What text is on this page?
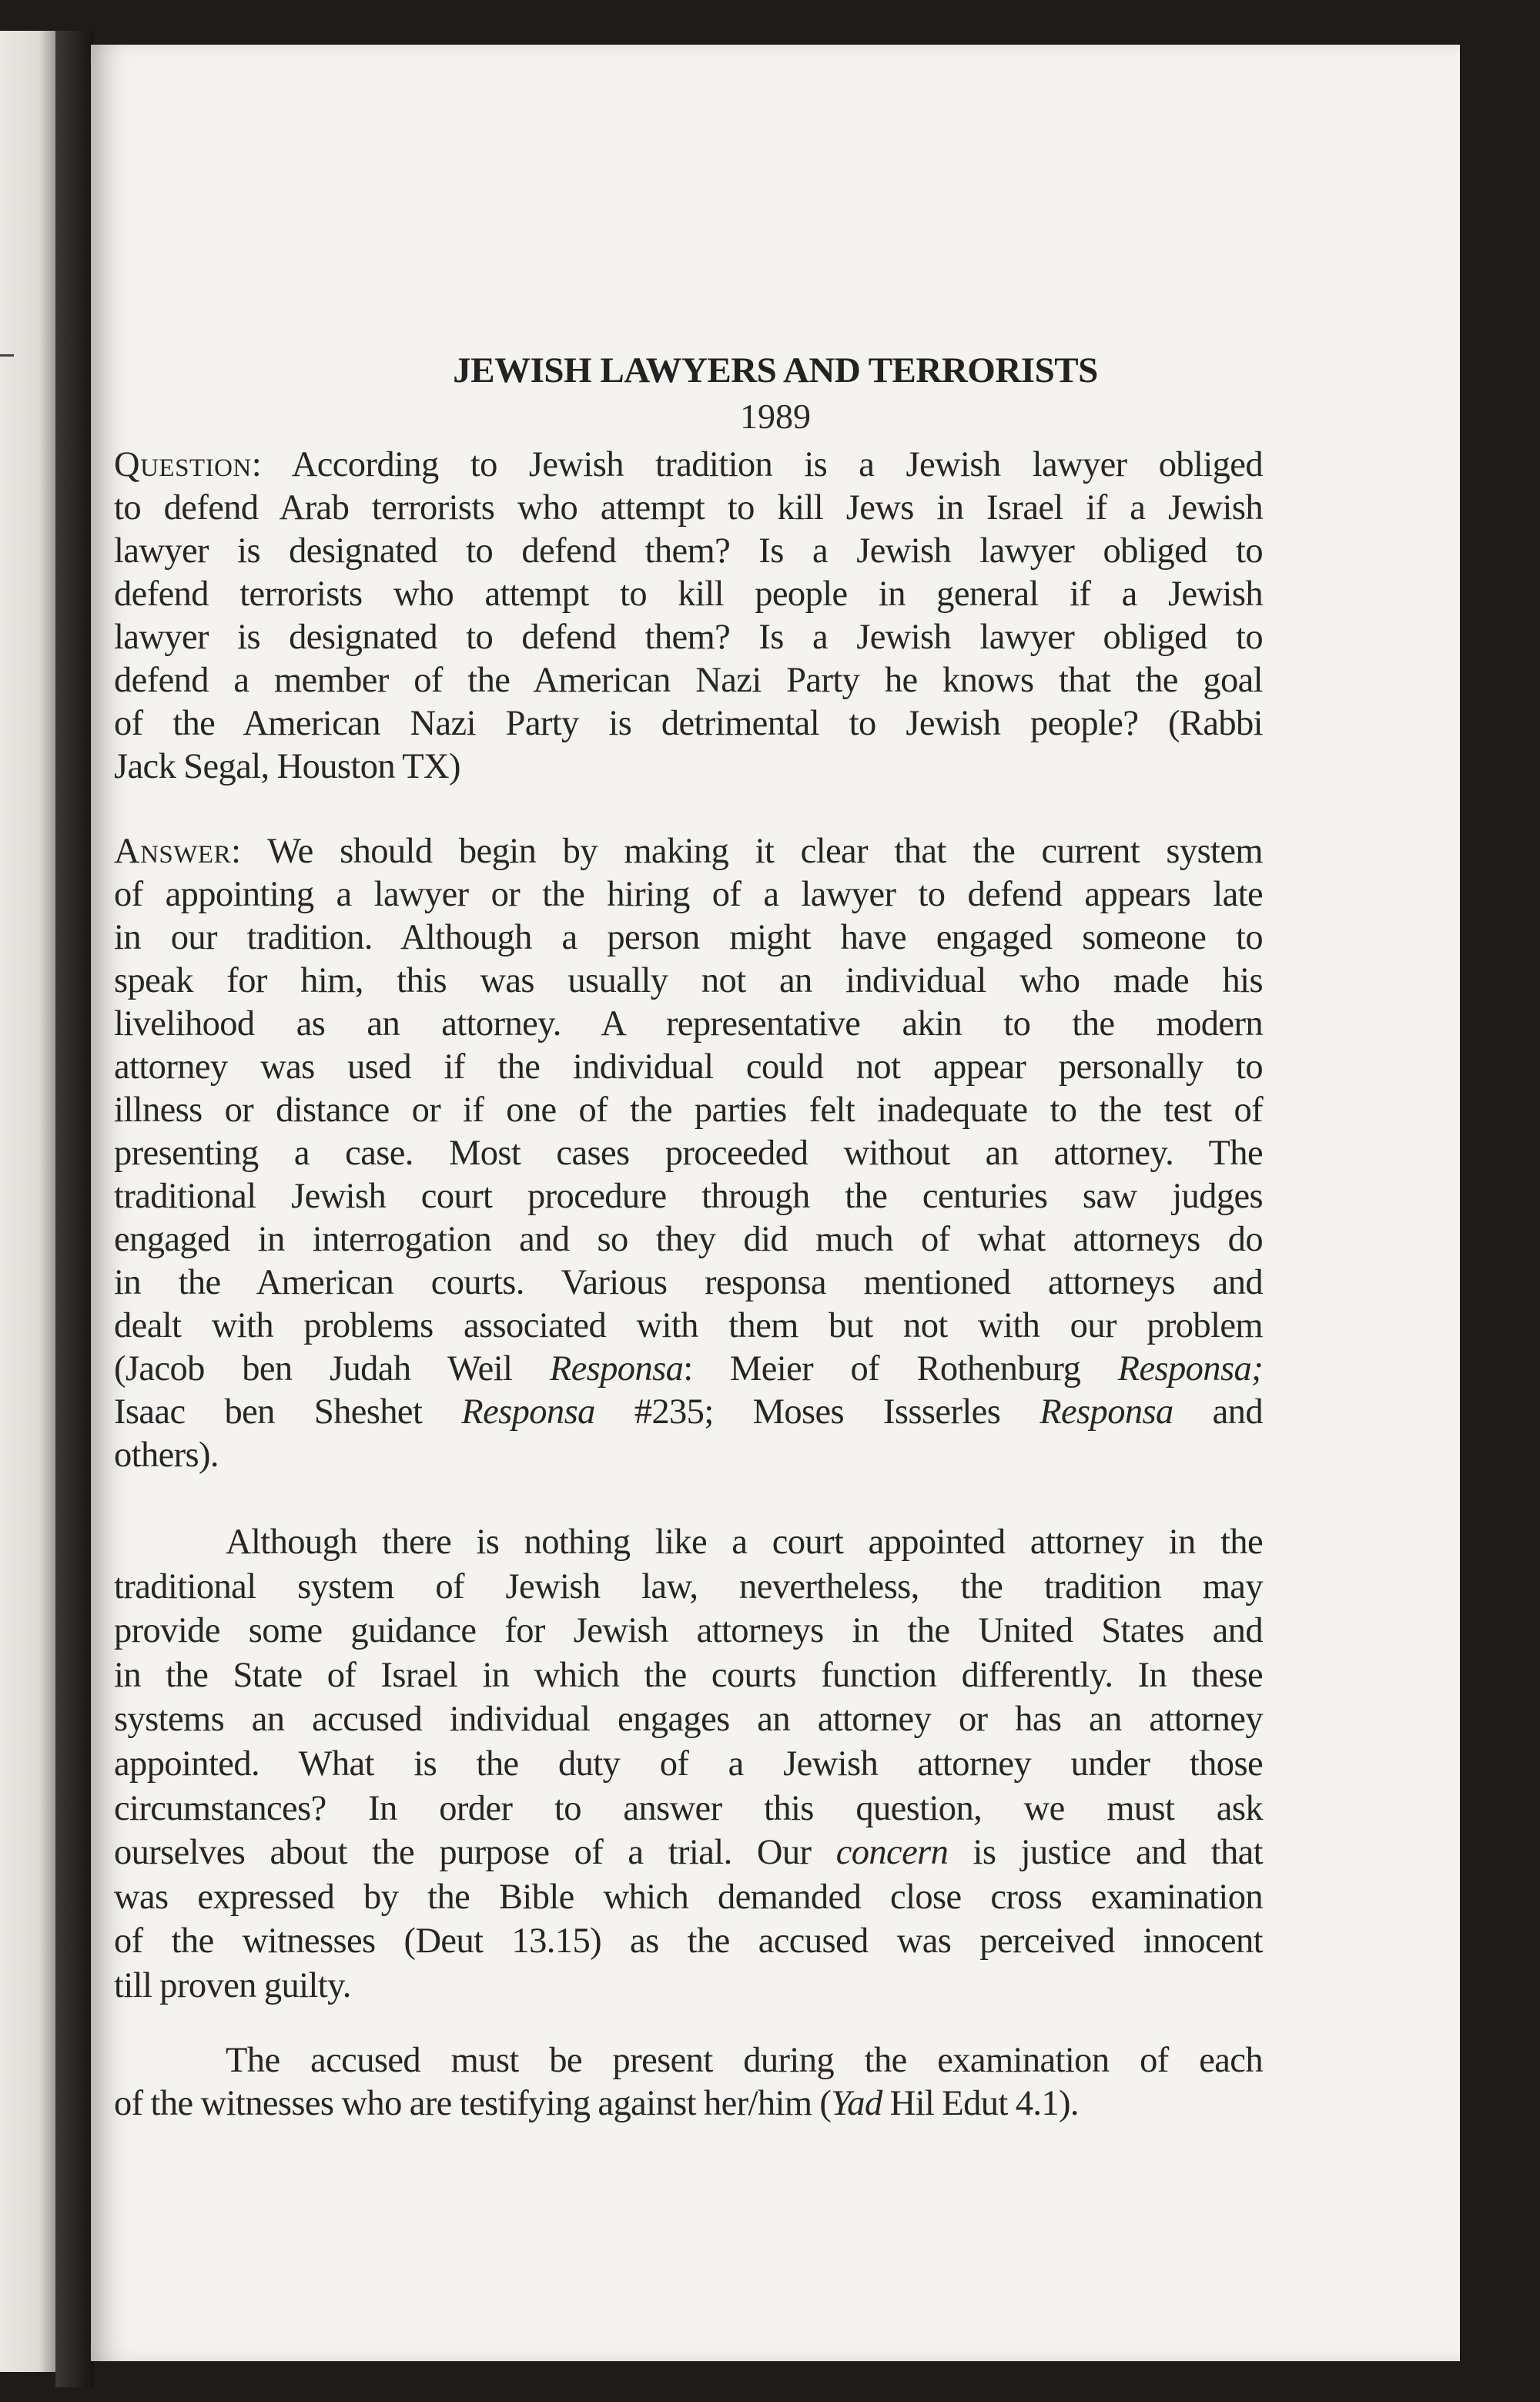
JEWISH LAWYERS AND TERRORISTS
1989
Question: According to Jewish tradition is a Jewish lawyer obliged
to defend Arab terrorists who attempt to kill Jews in Israel if a Jewish
lawyer is designated to defend them? Is a Jewish lawyer obliged to
defend terrorists who attempt to kill people in general if a Jewish
lawyer is designated to defend them? Is a Jewish lawyer obliged to
defend a member of the American Nazi Party he knows that the goal
of the American Nazi Party is detrimental to Jewish people? (Rabbi
Jack Segal, Houston TX)
Answer: We should begin by making it clear that the current system
of appointing a lawyer or the hiring of a lawyer to defend appears late
in our tradition. Although a person might have engaged someone to
speak for him, this was usually not an individual who made his
livelihood as an attorney. A representative akin to the modern
attorney was used if the individual could not appear personally to
illness or distance or if one of the parties felt inadequate to the test of
presenting a case. Most cases proceeded without an attorney. The
traditional Jewish court procedure through the centuries saw judges
engaged in interrogation and so they did much of what attorneys do
in the American courts. Various responsa mentioned attorneys and
dealt with problems associated with them but not with our problem
(Jacob ben Judah Weil Responsa: Meier of Rothenburg Responsa;
Isaac ben Sheshet Responsa #235; Moses Issserles Responsa and
others).
Although there is nothing like a court appointed attorney in the
traditional system of Jewish law, nevertheless, the tradition may
provide some guidance for Jewish attorneys in the United States and
in the State of Israel in which the courts function differently. In these
systems an accused individual engages an attorney or has an attorney
appointed. What is the duty of a Jewish attorney under those
circumstances? In order to answer this question, we must ask
ourselves about the purpose of a trial. Our concern is justice and that
was expressed by the Bible which demanded close cross examination
of the witnesses (Deut 13.15) as the accused was perceived innocent
till proven guilty.
The accused must be present during the examination of each
of the witnesses who are testifying against her/him (Yad Hil Edut 4.1).
